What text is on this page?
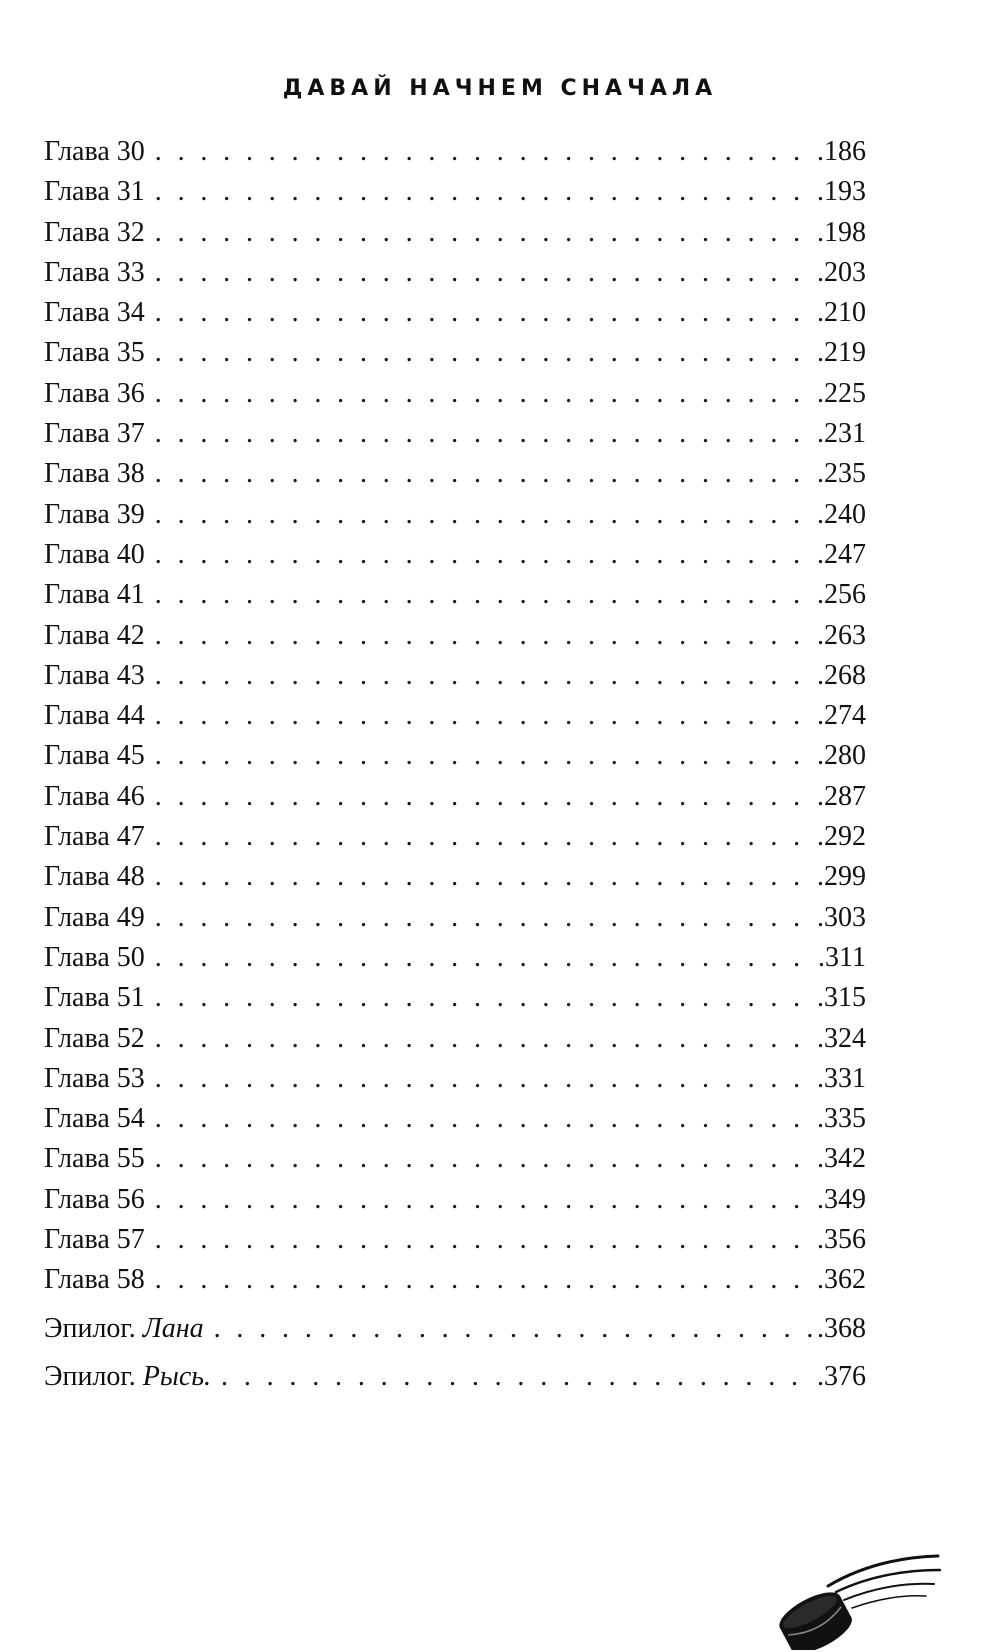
ДАВАЙ НАЧНЕМ СНАЧАЛА
Глава 30 . . .	.186
Глава 31 . . .	.193
Глава 32 . . .	.198
Глава 33 . . .	.203
Глава 34 . . .	.210
Глава 35 . . .	.219
Глава 36 . . .	.225
Глава 37 . . .	.231
Глава 38 . . .	.235
Глава 39 . . .	.240
Глава 40 . . .	.247
Глава 41 . . .	.256
Глава 42 . . .	.263
Глава 43 . . .	.268
Глава 44 . . .	.274
Глава 45 . . .	.280
Глава 46 . . .	.287
Глава 47 . . .	.292
Глава 48 . . .	.299
Глава 49 . . .	.303
Глава 50 . . .	.311
Глава 51 . . .	.315
Глава 52 . . .	.324
Глава 53 . . .	.331
Глава 54 . . .	.335
Глава 55 . . .	.342
Глава 56 . . .	.349
Глава 57 . . .	.356
Глава 58 . . .	.362
Эпилог. Лана . . .	.368
Эпилог. Рысь. . . .	.376
